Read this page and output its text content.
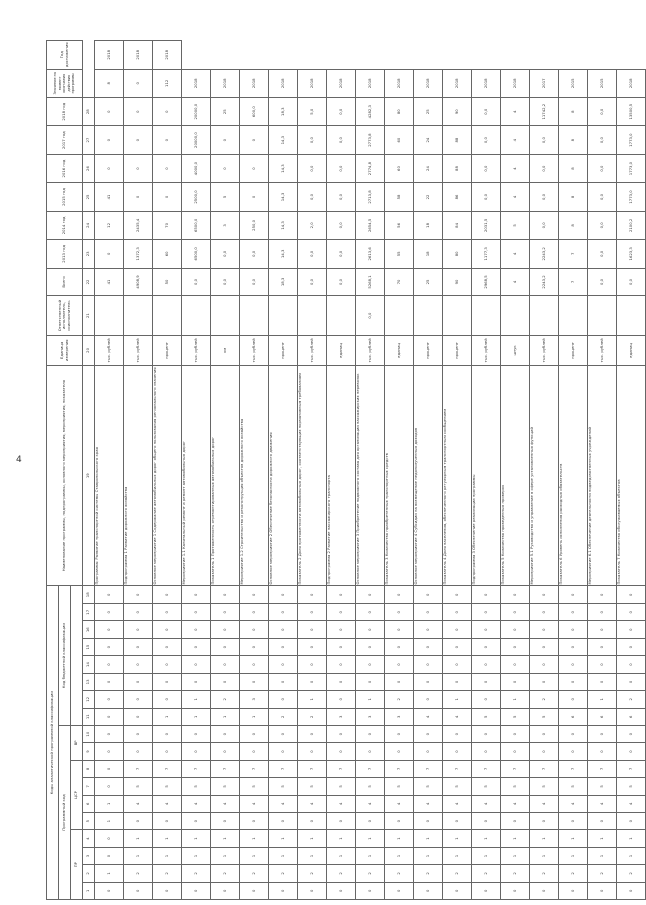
4
Коды аналитической программной классификации																		Наименование программы, подпрограммы, основного мероприятия, мероприятия, показателя	Единица измерения	Ответственный исполнитель, соисполнитель	Всего	2013 год	2014 год	2015 год	2016 год	2017 год	2018 год	Значение на момент окончания действия программы	Год достижения
Программный код										Код бюджетной классификации																			
ПР				ЦСР				ВР																					
1	2	3	4	5	6	7	8	9	10	11	12	13	14	15	16	17	18	19	20	21	22	23	24	25	26	27	28		
0	1	0	0	1	1	0	0	0	0	0	0	0	0	0	0	0	0	Программа: Развитие транспортной системы Ставропольского края	тыс. рублей		41	0	12	41	0	0	0	8	2018
0	2	1	1	0	4	5	7	0	0	0	0	0	0	0	0	0	0	Подпрограмма 1 Развитие дорожного хозяйства	тыс. рублей		4908,9	1372,3	2435,4	0	0	0	0	0	2018
0	2	1	1	0	4	5	7	0	0	1	0	0	0	0	0	0	0	Основное мероприятие 1 Содержание автомобильных дорог общего пользования регионального значения	процент		50	60	70	0	0	0	0	112	2018
0	2	1	1	0	4	5	7	0	0	1	1	0	0	0	0	0	0	Мероприятие 1.1 Капитальный ремонт и ремонт автомобильных дорог	тыс. рублей		0,0	6500,0	6500,0	2500,0	4000,0	20000,0	20000,0	2018	
0	2	1	1	0	4	5	7	0	0	1	2	0	0	0	0	0	0	Показатель 1 Протяженность отремонтированных автомобильных дорог	км		0,0	0,0	3	5	0	0	25	2018	
0	2	1	1	0	4	5	7	0	0	1	3	0	0	0	0	0	0	Мероприятие 1.2 Строительство и реконструкция объектов дорожного хозяйства	тыс. рублей		0,0	0,0	250,0	0	0	0	600,0	2018	
0	2	1	1	0	4	5	7	0	0	2	0	0	0	0	0	0	0	Основное мероприятие 2 Обеспечение безопасности дорожного движения	процент		18,3	14,3	14,3	14,3	14,3	14,3	18,3	2018	
0	2	1	1	0	4	5	7	0	0	2	1	0	0	0	0	0	0	Показатель 2 Доля протяженности автомобильных дорог, соответствующих нормативным требованиям	тыс. рублей		0,0	0,0	2,0	0,0	0,0	0,0	5,0	2018	
0	2	1	1	0	4	5	7	0	0	3	0	0	0	0	0	0	0	Подпрограмма 2 Развитие пассажирского транспорта	единиц		0,0	0,0	0,0	0,0	0,0	0,0	0,0	2018	
0	2	1	1	0	4	5	7	0	0	3	1	0	0	0	0	0	0	Основное мероприятие 3 Приобретение подвижного состава для организации пассажирских перевозок	тыс. рублей	0,0	5268,1	2613,6	2654,5	2713,8	2774,8	2773,8	4282,3	2018	
0	2	1	1	0	4	5	7	0	0	3	2	0	0	0	0	0	0	Показатель 3 Количество приобретенных транспортных средств	единиц		70	55	56	58	60	60	80	2018	
0	2	1	1	0	4	5	7	0	0	4	0	0	0	0	0	0	0	Основное мероприятие 4 Субсидии на возмещение недополученных доходов	процент		25	18	18	22	24	24	25	2018	
0	2	1	1	0	4	5	7	0	0	4	1	0	0	0	0	0	0	Показатель 4 Доля населения, обеспеченного регулярным транспортным сообщением	процент		90	80	84	86	88	88	90	2018	
0	2	1	1	0	4	5	7	0	0	5	0	0	0	0	0	0	0	Подпрограмма 3 Обеспечение реализации программы	тыс. рублей		2968,5	1177,3	2031,5	0,0	0,0	0,0	0,0	2018	
0	2	1	1	0	4	5	7	0	0	5	1	0	0	0	0	0	0	Показатель 5 Количество проведенных проверок	штук		4	4	5	4	4	4	4	2018	
0	2	1	1	0	4	5	7	0	0	5	2	0	0	0	0	0	0	Мероприятие 5.1 Руководство и управление в сфере установленных функций	тыс. рублей		2243,2	2243,2	0,0	0,0	0,0	0,0	11742,2	2017	
0	2	1	1	0	4	5	7	0	0	6	0	0	0	0	0	0	0	Показатель 6 Уровень исполнения расходных обязательств	процент		7	7	8	8	8	8	8	2015	
0	2	1	1	0	4	5	7	0	0	6	1	0	0	0	0	0	0	Мероприятие 6.1 Обеспечение деятельности подведомственных учреждений	тыс. рублей		0,0	0,0	0,0	0,0	0,0	0,0	0,0	2015	
0	2	1	1	0	4	5	7	0	0	6	2	0	0	0	0	0	0	Показатель 7 Количество обслуживаемых объектов	единиц		0,0	1623,3	2100,2	1773,0	1773,0	1773,0	13500,5	2018	
